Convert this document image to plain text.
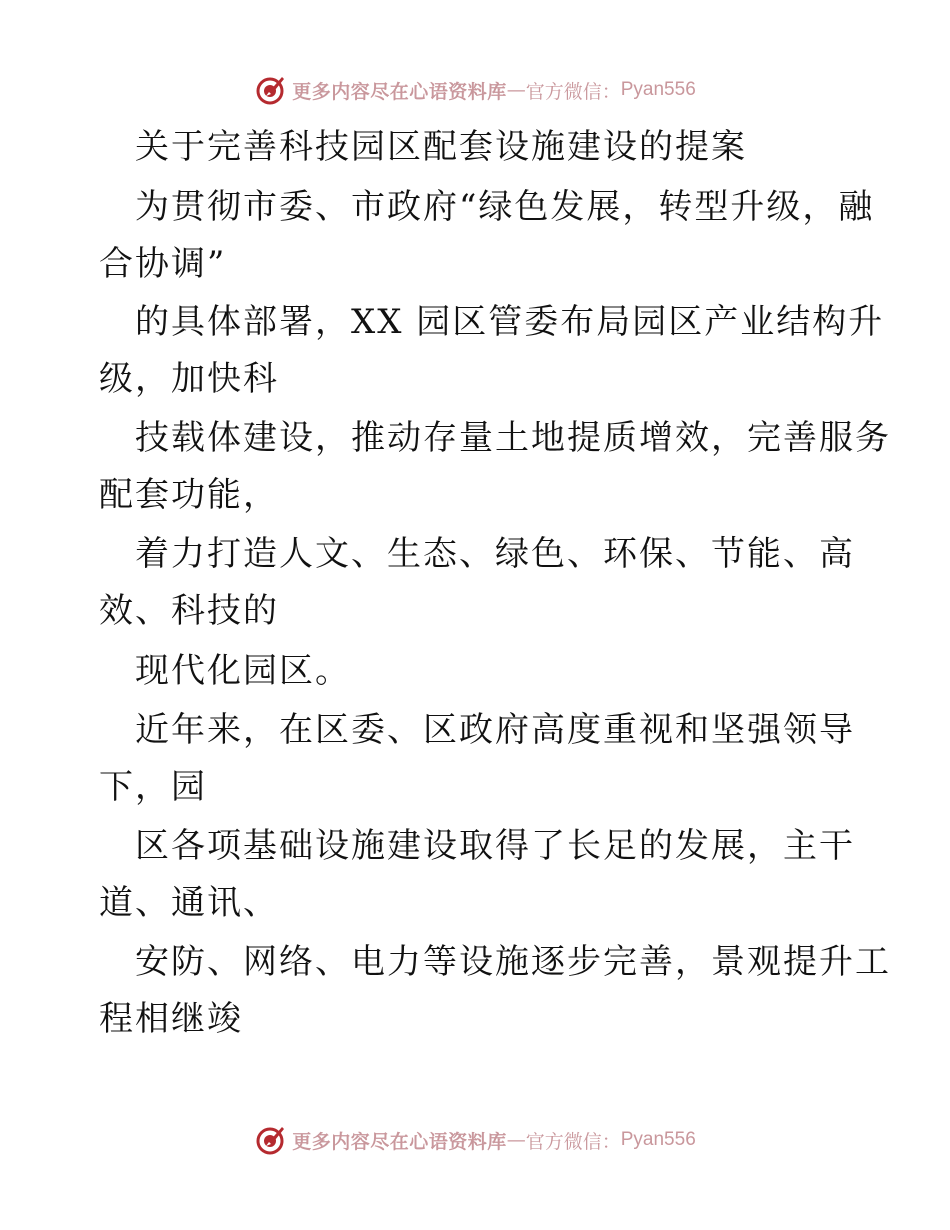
更多内容尽在心语资料库 — 官方微信： Pyan556
关于完善科技园区配套设施建设的提案
为贯彻市委、市政府“绿色发展，转型升级，融
合协调”
的具体部署，XX 园区管委布局园区产业结构升
级，加快科
技载体建设，推动存量土地提质增效，完善服务
配套功能，
着力打造人文、生态、绿色、环保、节能、高
效、科技的
现代化园区。
近年来，在区委、区政府高度重视和坚强领导
下，园
区各项基础设施建设取得了长足的发展，主干
道、通讯、
安防、网络、电力等设施逐步完善，景观提升工
程相继竣
更多内容尽在心语资料库 — 官方微信： Pyan556
